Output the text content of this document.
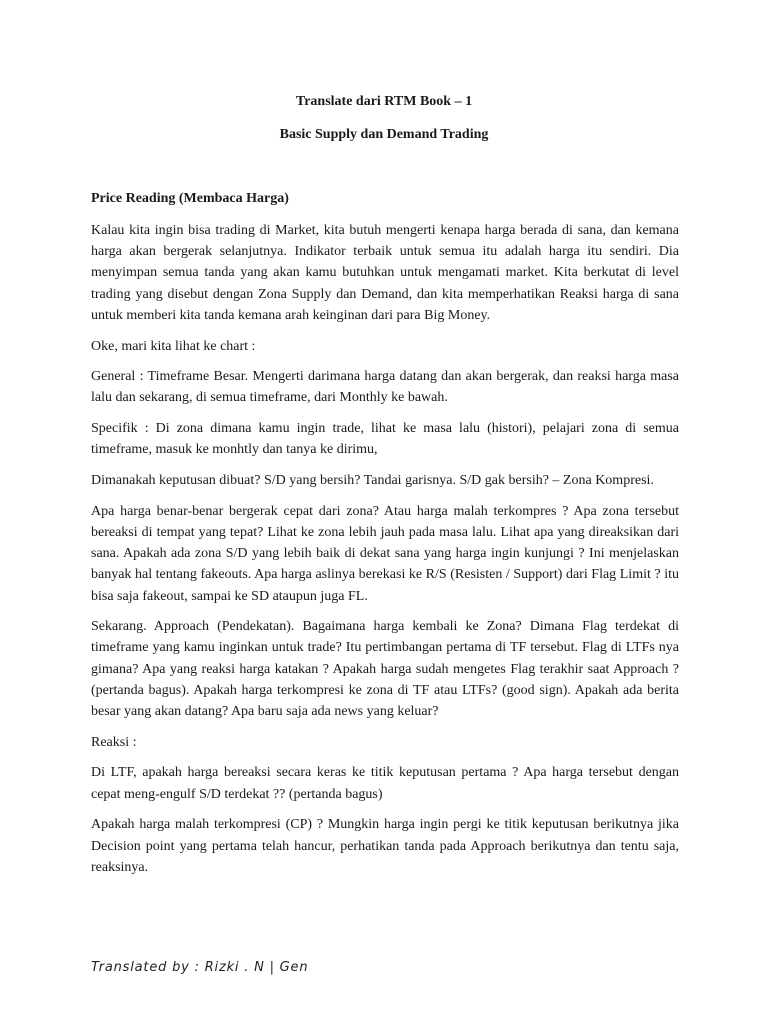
Translate dari RTM Book – 1
Basic Supply dan Demand Trading
Price Reading (Membaca Harga)

Kalau kita ingin bisa trading di Market, kita butuh mengerti kenapa harga berada di sana, dan kemana harga akan bergerak selanjutnya. Indikator terbaik untuk semua itu adalah harga itu sendiri. Dia menyimpan semua tanda yang akan kamu butuhkan untuk mengamati market. Kita berkutat di level trading yang disebut dengan Zona Supply dan Demand, dan kita memperhatikan Reaksi harga di sana untuk memberi kita tanda kemana arah keinginan dari para Big Money.

Oke, mari kita lihat ke chart :

General : Timeframe Besar. Mengerti darimana harga datang dan akan bergerak, dan reaksi harga masa lalu dan sekarang, di semua timeframe, dari Monthly ke bawah.

Specifik : Di zona dimana kamu ingin trade, lihat ke masa lalu (histori), pelajari zona di semua timeframe, masuk ke monhtly dan tanya ke dirimu,

Dimanakah keputusan dibuat? S/D yang bersih? Tandai garisnya. S/D gak bersih? – Zona Kompresi.

Apa harga benar-benar bergerak cepat dari zona? Atau harga malah terkompres ? Apa zona tersebut bereaksi di tempat yang tepat? Lihat ke zona lebih jauh pada masa lalu. Lihat apa yang direaksikan dari sana. Apakah ada zona S/D yang lebih baik di dekat sana yang harga ingin kunjungi ? Ini menjelaskan banyak hal tentang fakeouts. Apa harga aslinya berekasi ke R/S (Resisten / Support) dari Flag Limit ? itu bisa saja fakeout, sampai ke SD ataupun juga FL.

Sekarang. Approach (Pendekatan). Bagaimana harga kembali ke Zona? Dimana Flag terdekat di timeframe yang kamu inginkan untuk trade? Itu pertimbangan pertama di TF tersebut. Flag di LTFs nya gimana? Apa yang reaksi harga katakan ? Apakah harga sudah mengetes Flag terakhir saat Approach ? (pertanda bagus). Apakah harga terkompresi ke zona di TF atau LTFs? (good sign). Apakah ada berita besar yang akan datang? Apa baru saja ada news yang keluar?

Reaksi :

Di LTF, apakah harga bereaksi secara keras ke titik keputusan pertama ? Apa harga tersebut dengan cepat meng-engulf S/D terdekat ?? (pertanda bagus)

Apakah harga malah terkompresi (CP) ? Mungkin harga ingin pergi ke titik keputusan berikutnya jika Decision point yang pertama telah hancur, perhatikan tanda pada Approach berikutnya dan tentu saja, reaksinya.

Translated by : Rizki . N | Gen
